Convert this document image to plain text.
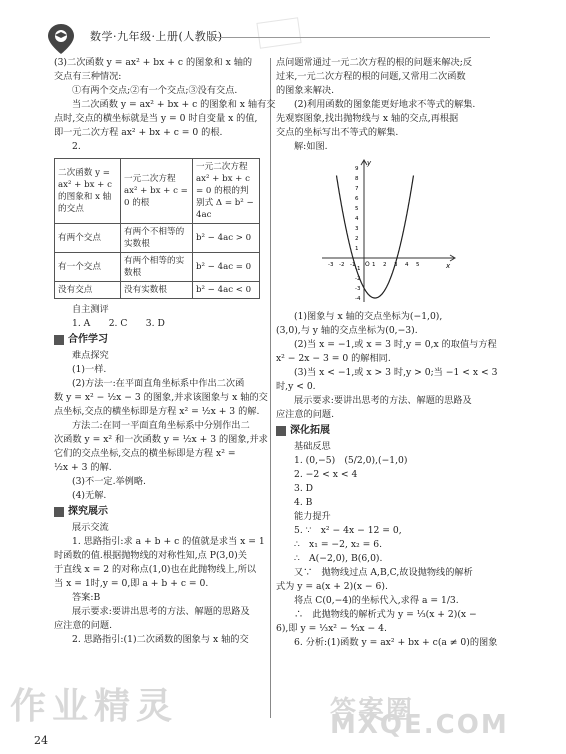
数学·九年级·上册(人教版)

(3)二次函数 y = ax² + bx + c 的图象和 x 轴的

交点有三种情况:

①有两个交点;②有一个交点;③没有交点.

当二次函数 y = ax² + bx + c 的图象和 x 轴有交

点时,交点的横坐标就是当 y = 0 时自变量 x 的值,

即一元二次方程 ax² + bx + c = 0 的根.

2.

二次函数 y = ax² + bx + c 的图象和 x 轴的交点	一元二次方程 ax² + bx + c = 0 的根	一元二次方程 ax² + bx + c = 0 的根的判别式 Δ = b² − 4ac
有两个交点	有两个不相等的实数根	b² − 4ac > 0
有一个交点	有两个相等的实数根	b² − 4ac = 0
没有交点	没有实数根	b² − 4ac < 0

自主测评

1. A　　2. C　　3. D

合作学习

难点探究

(1)一样.

(2)方法一:在平面直角坐标系中作出二次函

数 y = x² − ½x − 3 的图象,并求该图象与 x 轴的交

点坐标,交点的横坐标即是方程 x² = ½x + 3 的解.

方法二:在同一平面直角坐标系中分别作出二

次函数 y = x² 和一次函数 y = ½x + 3 的图象,并求

它们的交点坐标,交点的横坐标即是方程 x² =

½x + 3 的解.

(3)不一定.举例略.

(4)无解.

探究展示

展示交流

1. 思路指引:求 a + b + c 的值就是求当 x = 1

时函数的值.根据抛物线的对称性知,点 P(3,0)关

于直线 x = 2 的对称点(1,0)也在此抛物线上,所以

当 x = 1时,y = 0,即 a + b + c = 0.

答案:B

展示要求:要讲出思考的方法、解题的思路及

应注意的问题.

2. 思路指引:(1)二次函数的图象与 x 轴的交

点问题常通过一元二次方程的根的问题来解决;反

过来,一元二次方程的根的问题,又常用二次函数

的图象来解决.

(2)利用函数的图象能更好地求不等式的解集.

先观察图象,找出抛物线与 x 轴的交点,再根据

交点的坐标写出不等式的解集.

解:如图.

x
y
O
-3 -2 -1	1 2 3 4 5
9
8
7
6
5
4
3
2
1
-1
-2
-3
-4

(1)图象与 x 轴的交点坐标为(−1,0),

(3,0),与 y 轴的交点坐标为(0,−3).

(2)当 x = −1,或 x = 3 时,y = 0,x 的取值与方程

x² − 2x − 3 = 0 的解相同.

(3)当 x < −1,或 x > 3 时,y > 0;当 −1 < x < 3

时,y < 0.

展示要求:要讲出思考的方法、解题的思路及

应注意的问题.

深化拓展

基础反思

1. (0,−5)　(5/2,0),(−1,0)

2. −2 < x < 4

3. D

4. B

能力提升

5. ∵　x² − 4x − 12 = 0,

∴　x₁ = −2, x₂ = 6.

∴　A(−2,0), B(6,0).

又∵　抛物线过点 A,B,C,故设抛物线的解析

式为 y = a(x + 2)(x − 6).

将点 C(0,−4)的坐标代入,求得 a = 1/3.

∴　此抛物线的解析式为 y = ⅓(x + 2)(x −

6),即 y = ⅓x² − ⁴⁄₃x − 4.

6. 分析:(1)函数 y = ax² + bx + c(a ≠ 0)的图象

作业精灵	答案圈 MXQE.COM
24
